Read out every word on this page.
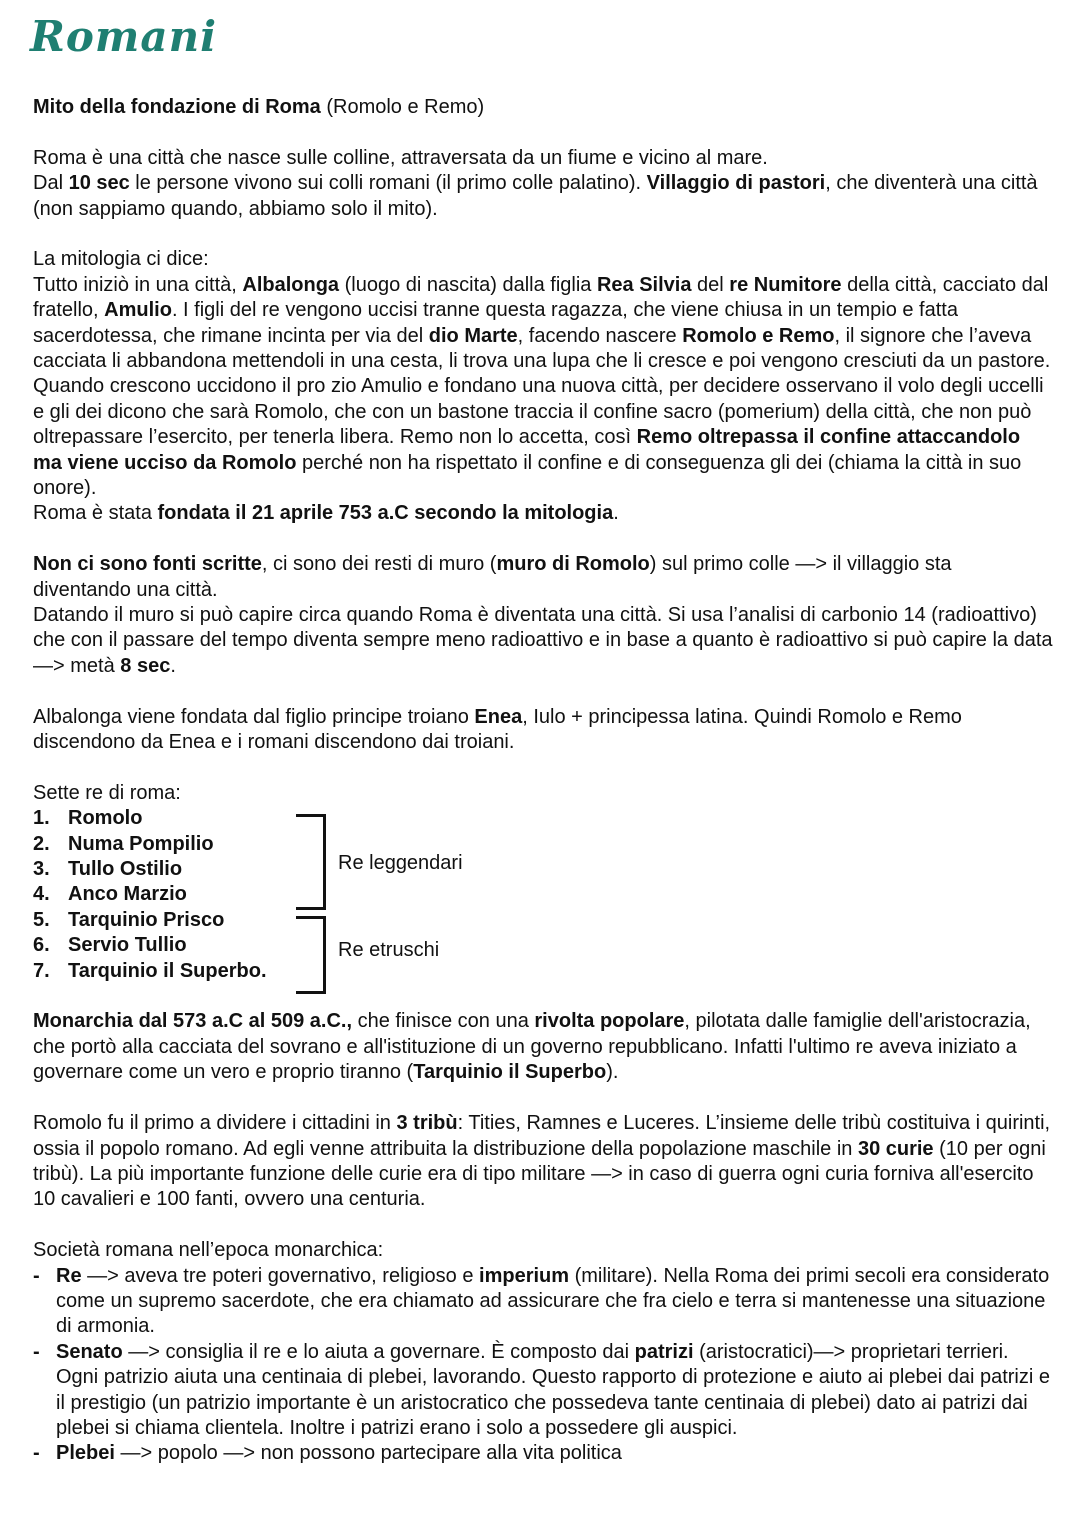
Romani

Mito della fondazione di Roma (Romolo e Remo)

Roma è una città che nasce sulle colline, attraversata da un fiume e vicino al mare.
Dal 10 sec le persone vivono sui colli romani (il primo colle palatino). Villaggio di pastori, che diventerà una città (non sappiamo quando, abbiamo solo il mito).

La mitologia ci dice:
Tutto iniziò in una città, Albalonga (luogo di nascita) dalla figlia Rea Silvia del re Numitore della città, cacciato dal fratello, Amulio. I figli del re vengono uccisi tranne questa ragazza, che viene chiusa in un tempio e fatta sacerdotessa, che rimane incinta per via del dio Marte, facendo nascere Romolo e Remo, il signore che l’aveva cacciata li abbandona mettendoli in una cesta, li trova una lupa che li cresce e poi vengono cresciuti da un pastore. Quando crescono uccidono il pro zio Amulio e fondano una nuova città, per decidere osservano il volo degli uccelli e gli dei dicono che sarà Romolo, che con un bastone traccia il confine sacro (pomerium) della città, che non può oltrepassare l’esercito, per tenerla libera. Remo non lo accetta, così Remo oltrepassa il confine attaccandolo ma viene ucciso da Romolo perché non ha rispettato il confine e di conseguenza gli dei (chiama la città in suo onore).
Roma è stata fondata il 21 aprile 753 a.C secondo la mitologia.

Non ci sono fonti scritte, ci sono dei resti di muro (muro di Romolo) sul primo colle —> il villaggio sta diventando una città.
Datando il muro si può capire circa quando Roma è diventata una città. Si usa l’analisi di carbonio 14 (radioattivo) che con il passare del tempo diventa sempre meno radioattivo e in base a quanto è radioattivo si può capire la data —> metà 8 sec.

Albalonga viene fondata dal figlio principe troiano Enea, Iulo + principessa latina. Quindi Romolo e Remo discendono da Enea e i romani discendono dai troiani.

Sette re di roma:
1. Romolo
2. Numa Pompilio
3. Tullo Ostilio
4. Anco Marzio
5. Tarquinio Prisco
6. Servio Tullio
7. Tarquinio il Superbo.
Re leggendari
Re etruschi

Monarchia dal 573 a.C al 509 a.C., che finisce con una rivolta popolare, pilotata dalle famiglie dell'aristocrazia, che portò alla cacciata del sovrano e all'istituzione di un governo repubblicano. Infatti l'ultimo re aveva iniziato a governare come un vero e proprio tiranno (Tarquinio il Superbo).

Romolo fu il primo a dividere i cittadini in 3 tribù: Tities, Ramnes e Luceres. L’insieme delle tribù costituiva i quirinti, ossia il popolo romano. Ad egli venne attribuita la distribuzione della popolazione maschile in 30 curie (10 per ogni tribù). La più importante funzione delle curie era di tipo militare —> in caso di guerra ogni curia forniva all'esercito 10 cavalieri e 100 fanti, ovvero una centuria.

Società romana nell’epoca monarchica:
- Re —> aveva tre poteri governativo, religioso e imperium (militare). Nella Roma dei primi secoli era considerato come un supremo sacerdote, che era chiamato ad assicurare che fra cielo e terra si mantenesse una situazione di armonia.
- Senato —> consiglia il re e lo aiuta a governare. È composto dai patrizi (aristocratici)—> proprietari terrieri. Ogni patrizio aiuta una centinaia di plebei, lavorando. Questo rapporto di protezione e aiuto ai plebei dai patrizi e il prestigio (un patrizio importante è un aristocratico che possedeva tante centinaia di plebei) dato ai patrizi dai plebei si chiama clientela. Inoltre i patrizi erano i solo a possedere gli auspici.
- Plebei —> popolo —> non possono partecipare alla vita politica
